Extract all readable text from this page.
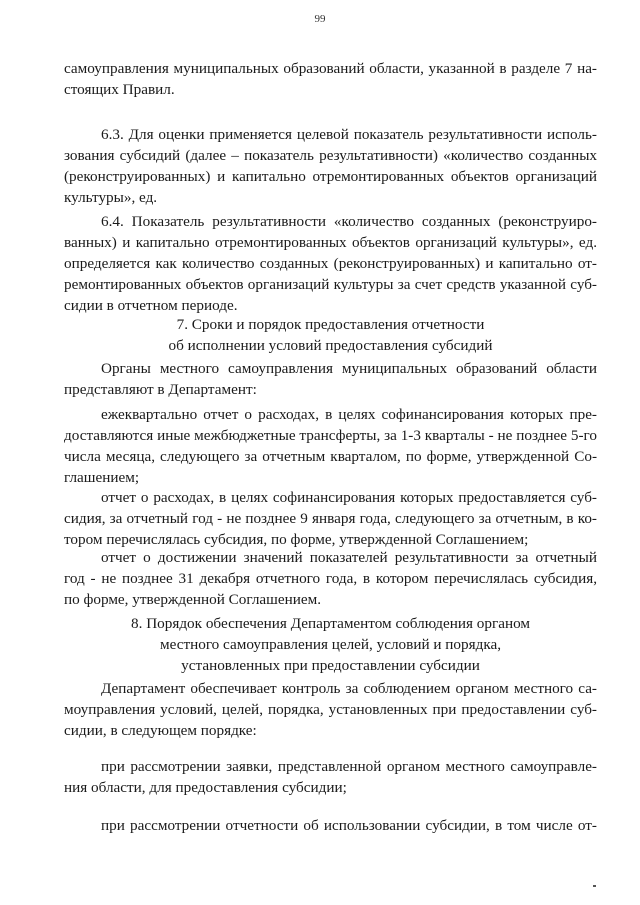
99
самоуправления муниципальных образований области, указанной в разделе 7 на-
стоящих Правил.
6.3. Для оценки применяется целевой показатель результативности исполь-
зования субсидий (далее – показатель результативности) «количество созданных
(реконструированных) и капитально отремонтированных объектов организаций
культуры», ед.
6.4. Показатель результативности «количество созданных (реконструиро-
ванных) и капитально отремонтированных объектов организаций культуры», ед.
определяется как количество созданных (реконструированных) и капитально от-
ремонтированных объектов организаций культуры за счет средств указанной суб-
сидии в отчетном периоде.
7. Сроки и порядок предоставления отчетности
об исполнении условий предоставления субсидий
Органы местного самоуправления муниципальных образований области
представляют в Департамент:
ежеквартально отчет о расходах, в целях софинансирования которых пре-
доставляются иные межбюджетные трансферты, за 1-3 кварталы - не позднее 5-го
числа месяца, следующего за отчетным кварталом, по форме, утвержденной Со-
глашением;
отчет о расходах, в целях софинансирования которых предоставляется суб-
сидия, за отчетный год - не позднее 9 января года, следующего за отчетным, в ко-
тором перечислялась субсидия, по форме, утвержденной Соглашением;
отчет о достижении значений показателей результативности за отчетный
год - не позднее 31 декабря отчетного года, в котором перечислялась субсидия,
по форме, утвержденной Соглашением.
8. Порядок обеспечения Департаментом соблюдения органом
местного самоуправления целей, условий и порядка,
установленных при предоставлении субсидии
Департамент обеспечивает контроль за соблюдением органом местного са-
моуправления условий, целей, порядка, установленных при предоставлении суб-
сидии, в следующем порядке:
при рассмотрении заявки, представленной органом местного самоуправле-
ния области, для предоставления субсидии;
при рассмотрении отчетности об использовании субсидии, в том числе от-
